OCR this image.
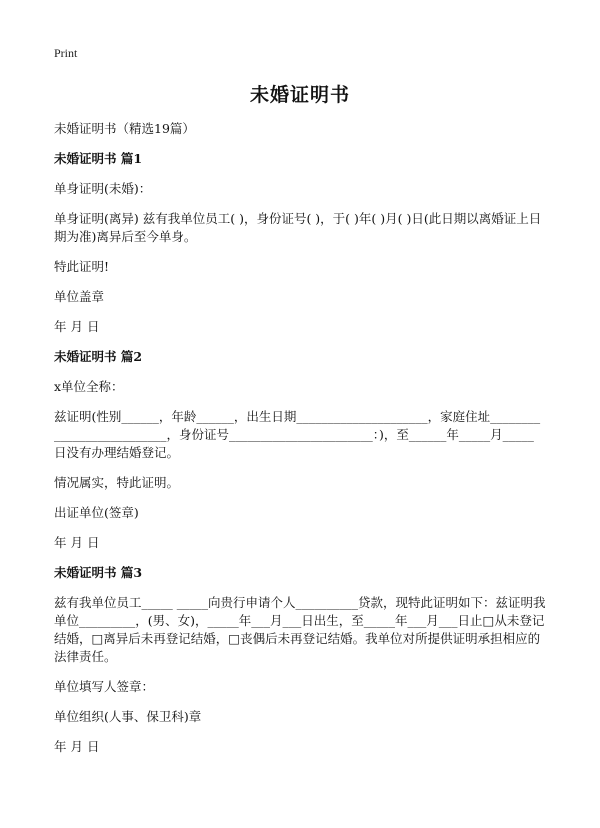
Print
未婚证明书
未婚证明书（精选19篇）
未婚证明书 篇1
单身证明(未婚)：
单身证明(离异) 兹有我单位员工( )，身份证号( )，于( )年( )月( )日(此日期以离婚证上日期为准)离异后至今单身。
特此证明!
单位盖章
年 月 日
未婚证明书 篇2
x单位全称：
兹证明(性别______，年龄______，出生日期_____________________，家庭住址__________________________，身份证号_______________________：)，至______年_____月_____日没有办理结婚登记。
情况属实，特此证明。
出证单位(签章)
年 月 日
未婚证明书 篇3
兹有我单位员工_____ _____向贵行申请个人__________贷款，现特此证明如下：兹证明我单位_________，(男、女)，_____年___月___日出生，至_____年___月___日止□从未登记结婚，□离异后未再登记结婚，□丧偶后未再登记结婚。我单位对所提供证明承担相应的法律责任。
单位填写人签章：
单位组织(人事、保卫科)章
年 月 日
